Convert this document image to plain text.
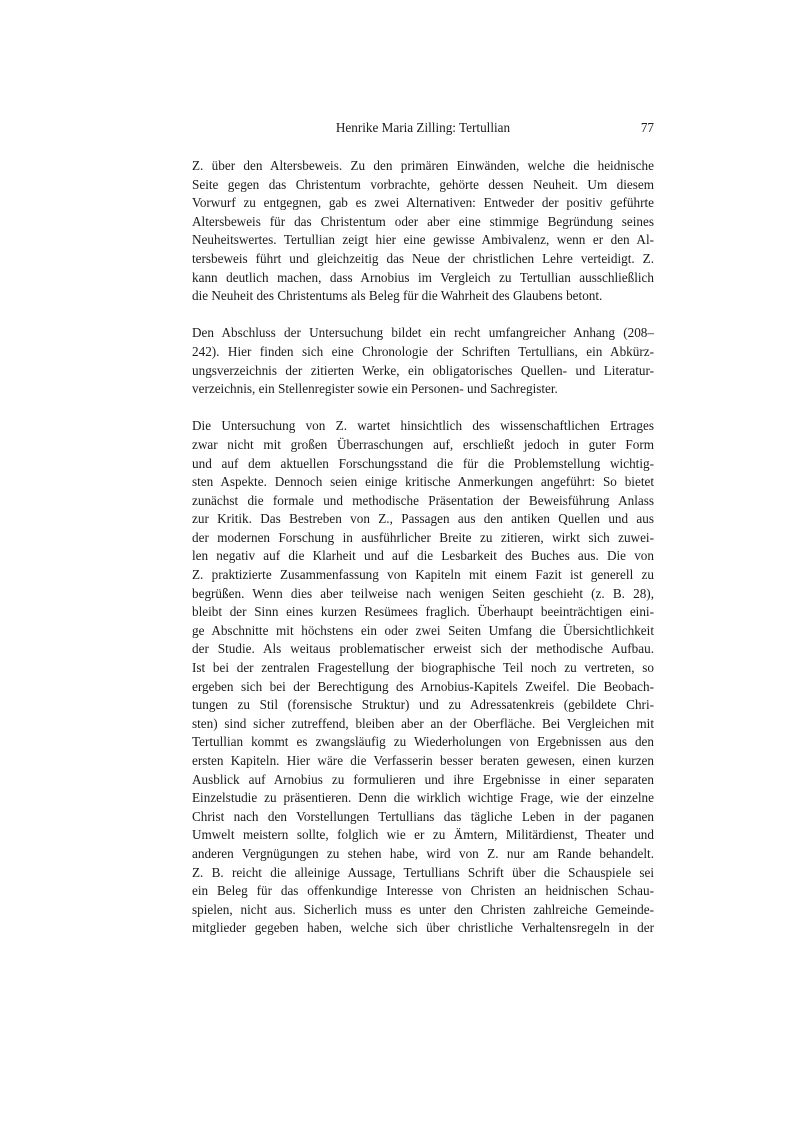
Henrike Maria Zilling: Tertullian	77

Z. über den Altersbeweis. Zu den primären Einwänden, welche die heidnische
Seite gegen das Christentum vorbrachte, gehörte dessen Neuheit. Um diesem
Vorwurf zu entgegnen, gab es zwei Alternativen: Entweder der positiv geführte
Altersbeweis für das Christentum oder aber eine stimmige Begründung seines
Neuheitswertes. Tertullian zeigt hier eine gewisse Ambivalenz, wenn er den Al-
tersbeweis führt und gleichzeitig das Neue der christlichen Lehre verteidigt. Z.
kann deutlich machen, dass Arnobius im Vergleich zu Tertullian ausschließlich
die Neuheit des Christentums als Beleg für die Wahrheit des Glaubens betont.

Den Abschluss der Untersuchung bildet ein recht umfangreicher Anhang (208–
242). Hier finden sich eine Chronologie der Schriften Tertullians, ein Abkürz-
ungsverzeichnis der zitierten Werke, ein obligatorisches Quellen- und Literatur-
verzeichnis, ein Stellenregister sowie ein Personen- und Sachregister.

Die Untersuchung von Z. wartet hinsichtlich des wissenschaftlichen Ertrages
zwar nicht mit großen Überraschungen auf, erschließt jedoch in guter Form
und auf dem aktuellen Forschungsstand die für die Problemstellung wichtig-
sten Aspekte. Dennoch seien einige kritische Anmerkungen angeführt: So bietet
zunächst die formale und methodische Präsentation der Beweisführung Anlass
zur Kritik. Das Bestreben von Z., Passagen aus den antiken Quellen und aus
der modernen Forschung in ausführlicher Breite zu zitieren, wirkt sich zuwei-
len negativ auf die Klarheit und auf die Lesbarkeit des Buches aus. Die von
Z. praktizierte Zusammenfassung von Kapiteln mit einem Fazit ist generell zu
begrüßen. Wenn dies aber teilweise nach wenigen Seiten geschieht (z. B. 28),
bleibt der Sinn eines kurzen Resümees fraglich. Überhaupt beeinträchtigen eini-
ge Abschnitte mit höchstens ein oder zwei Seiten Umfang die Übersichtlichkeit
der Studie. Als weitaus problematischer erweist sich der methodische Aufbau.
Ist bei der zentralen Fragestellung der biographische Teil noch zu vertreten, so
ergeben sich bei der Berechtigung des Arnobius-Kapitels Zweifel. Die Beobach-
tungen zu Stil (forensische Struktur) und zu Adressatenkreis (gebildete Chri-
sten) sind sicher zutreffend, bleiben aber an der Oberfläche. Bei Vergleichen mit
Tertullian kommt es zwangsläufig zu Wiederholungen von Ergebnissen aus den
ersten Kapiteln. Hier wäre die Verfasserin besser beraten gewesen, einen kurzen
Ausblick auf Arnobius zu formulieren und ihre Ergebnisse in einer separaten
Einzelstudie zu präsentieren. Denn die wirklich wichtige Frage, wie der einzelne
Christ nach den Vorstellungen Tertullians das tägliche Leben in der paganen
Umwelt meistern sollte, folglich wie er zu Ämtern, Militärdienst, Theater und
anderen Vergnügungen zu stehen habe, wird von Z. nur am Rande behandelt.
Z. B. reicht die alleinige Aussage, Tertullians Schrift über die Schauspiele sei
ein Beleg für das offenkundige Interesse von Christen an heidnischen Schau-
spielen, nicht aus. Sicherlich muss es unter den Christen zahlreiche Gemeinde-
mitglieder gegeben haben, welche sich über christliche Verhaltensregeln in der
